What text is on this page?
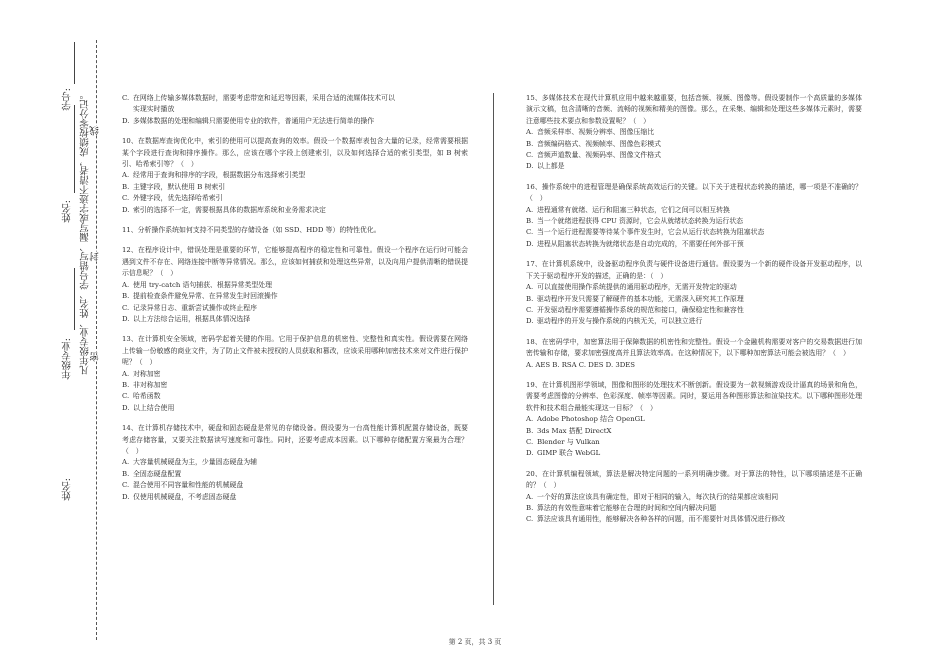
姓名:
密
封
线
年级专业: 凡年级专业、姓名、学号错写、漏写或字迹不清者，成绩按零分记。
姓名:
学号:	C. 在网络上传输多媒体数据时，需要考虑带宽和延迟等因素，采用合适的流媒体技术可以
实现实时播放
D. 多媒体数据的处理和编辑只需要使用专业的软件，普通用户无法进行简单的操作

10、在数据库查询优化中，索引的使用可以提高查询的效率。假设一个数据库表包含大量的记录，经常需要根据某个字段进行查询和排序操作。那么，应该在哪个字段上创建索引，以及如何选择合适的索引类型，如 B 树索引、哈希索引等？（　）

A. 经常用于查询和排序的字段，根据数据分布选择索引类型
B. 主键字段，默认使用 B 树索引
C. 外键字段，优先选择哈希索引
D. 索引的选择不一定，需要根据具体的数据库系统和业务需求决定

11、分析操作系统如何支持不同类型的存储设备（如 SSD、HDD 等）的特性优化。

12、在程序设计中，错误处理是重要的环节，它能够提高程序的稳定性和可靠性。假设一个程序在运行时可能会遇到文件不存在、网络连接中断等异常情况。那么，应该如何捕获和处理这些异常，以及向用户提供清晰的错误提示信息呢？（　）

A. 使用 try-catch 语句捕获、根据异常类型处理
B. 提前检查条件避免异常、在异常发生时回滚操作
C. 记录异常日志、重新尝试操作或终止程序
D. 以上方法综合运用，根据具体情况选择

13、在计算机安全领域，密码学起着关键的作用。它用于保护信息的机密性、完整性和真实性。假设需要在网络上传输一份敏感的商业文件，为了防止文件被未授权的人员获取和篡改，应该采用哪种加密技术来对文件进行保护呢？（　）

A. 对称加密
B. 非对称加密
C. 哈希函数
D. 以上结合使用

14、在计算机存储技术中，硬盘和固态硬盘是常见的存储设备。假设要为一台高性能计算机配置存储设备，既要考虑存储容量，又要关注数据读写速度和可靠性。同时，还要考虑成本因素。以下哪种存储配置方案最为合理？（　）

A. 大容量机械硬盘为主，少量固态硬盘为辅
B. 全固态硬盘配置
C. 混合使用不同容量和性能的机械硬盘
D. 仅使用机械硬盘，不考虑固态硬盘

15、多媒体技术在现代计算机应用中越来越重要，包括音频、视频、图像等。假设要制作一个高质量的多媒体演示文稿，包含清晰的音频、流畅的视频和精美的图像。那么，在采集、编辑和处理这些多媒体元素时，需要注意哪些技术要点和参数设置呢？（　）

A. 音频采样率、视频分辨率、图像压缩比
B. 音频编码格式、视频帧率、图像色彩模式
C. 音频声道数量、视频码率、图像文件格式
D. 以上都是

16、操作系统中的进程管理是确保系统高效运行的关键。以下关于进程状态转换的描述，哪一项是不准确的？（　）

A. 进程通常有就绪、运行和阻塞三种状态，它们之间可以相互转换
B. 当一个就绪进程获得 CPU 资源时，它会从就绪状态转换为运行状态
C. 当一个运行进程需要等待某个事件发生时，它会从运行状态转换为阻塞状态
D. 进程从阻塞状态转换为就绪状态是自动完成的，不需要任何外部干预

17、在计算机系统中，设备驱动程序负责与硬件设备进行通信。假设要为一个新的硬件设备开发驱动程序，以下关于驱动程序开发的描述，正确的是：（　）

A. 可以直接使用操作系统提供的通用驱动程序，无需开发特定的驱动
B. 驱动程序开发只需要了解硬件的基本功能，无需深入研究其工作原理
C. 开发驱动程序需要遵循操作系统的规范和接口，确保稳定性和兼容性
D. 驱动程序的开发与操作系统的内核无关，可以独立进行

18、在密码学中，加密算法用于保障数据的机密性和完整性。假设一个金融机构需要对客户的交易数据进行加密传输和存储，要求加密强度高并且算法效率高。在这种情况下，以下哪种加密算法可能会被选用？（　）

A. AES B. RSA C. DES D. 3DES

19、在计算机图形学领域，图像和图形的处理技术不断创新。假设要为一款视频游戏设计逼真的场景和角色，需要考虑图像的分辨率、色彩深度、帧率等因素。同时，要运用各种图形算法和渲染技术。以下哪种图形处理软件和技术组合最能实现这一目标？（　）

A. Adobe Photoshop 结合 OpenGL
B. 3ds Max 搭配 DirectX
C. Blender 与 Vulkan
D. GIMP 联合 WebGL

20、在计算机编程领域，算法是解决特定问题的一系列明确步骤。对于算法的特性，以下哪项描述是不正确的？（　）

A. 一个好的算法应该具有确定性，即对于相同的输入，每次执行的结果都应该相同
B. 算法的有效性意味着它能够在合理的时间和空间内解决问题
C. 算法应该具有通用性，能够解决各种各样的问题，而不需要针对具体情况进行修改
第 2 页，共 3 页
